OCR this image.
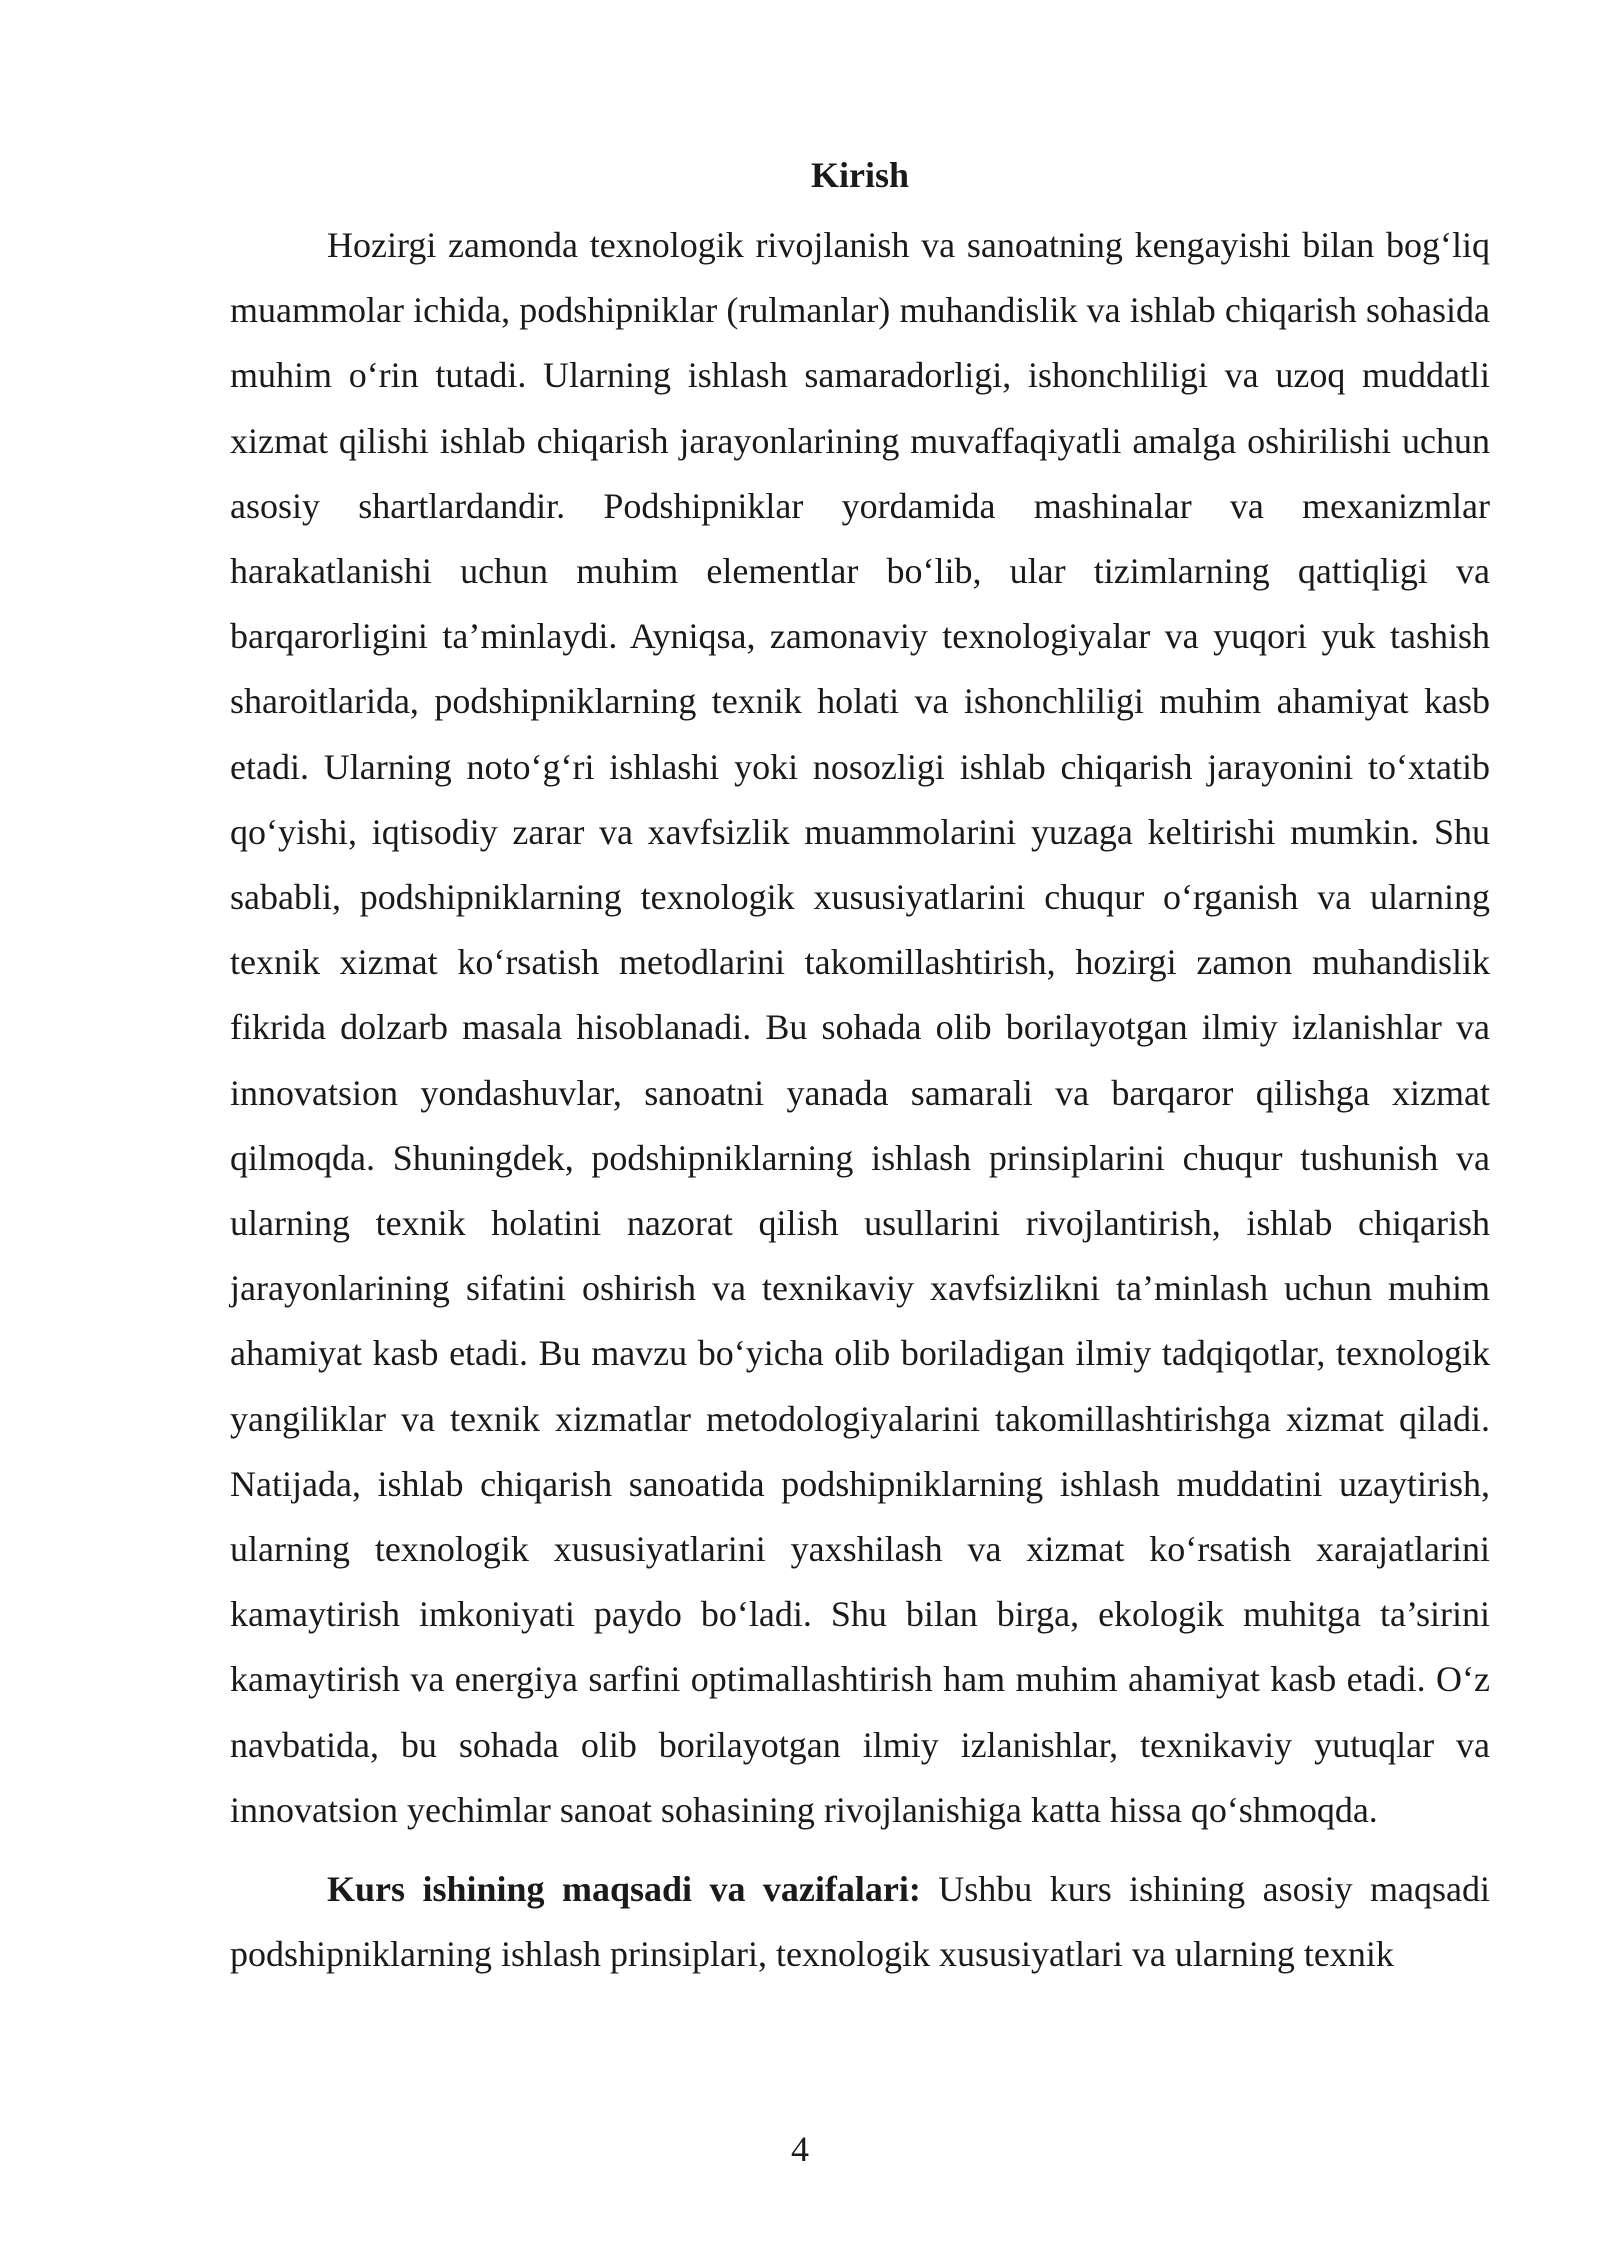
Kirish

Hozirgi zamonda texnologik rivojlanish va sanoatning kengayishi bilan bog‘liq muammolar ichida, podshipniklar (rulmanlar) muhandislik va ishlab chiqarish sohasida muhim o‘rin tutadi. Ularning ishlash samaradorligi, ishonchliligi va uzoq muddatli xizmat qilishi ishlab chiqarish jarayonlarining muvaffaqiyatli amalga oshirilishi uchun asosiy shartlardandir. Podshipniklar yordamida mashinalar va mexanizmlar harakatlanishi uchun muhim elementlar bo‘lib, ular tizimlarning qattiqligi va barqarorligini ta’minlaydi. Ayniqsa, zamonaviy texnologiyalar va yuqori yuk tashish sharoitlarida, podshipniklarning texnik holati va ishonchliligi muhim ahamiyat kasb etadi. Ularning noto‘g‘ri ishlashi yoki nosozligi ishlab chiqarish jarayonini to‘xtatib qo‘yishi, iqtisodiy zarar va xavfsizlik muammolarini yuzaga keltirishi mumkin. Shu sababli, podshipniklarning texnologik xususiyatlarini chuqur o‘rganish va ularning texnik xizmat ko‘rsatish metodlarini takomillashtirish, hozirgi zamon muhandislik fikrida dolzarb masala hisoblanadi. Bu sohada olib borilayotgan ilmiy izlanishlar va innovatsion yondashuvlar, sanoatni yanada samarali va barqaror qilishga xizmat qilmoqda. Shuningdek, podshipniklarning ishlash prinsiplarini chuqur tushunish va ularning texnik holatini nazorat qilish usullarini rivojlantirish, ishlab chiqarish jarayonlarining sifatini oshirish va texnikaviy xavfsizlikni ta’minlash uchun muhim ahamiyat kasb etadi. Bu mavzu bo‘yicha olib boriladigan ilmiy tadqiqotlar, texnologik yangiliklar va texnik xizmatlar metodologiyalarini takomillashtirishga xizmat qiladi. Natijada, ishlab chiqarish sanoatida podshipniklarning ishlash muddatini uzaytirish, ularning texnologik xususiyatlarini yaxshilash va xizmat ko‘rsatish xarajatlarini kamaytirish imkoniyati paydo bo‘ladi. Shu bilan birga, ekologik muhitga ta’sirini kamaytirish va energiya sarfini optimallashtirish ham muhim ahamiyat kasb etadi. O‘z navbatida, bu sohada olib borilayotgan ilmiy izlanishlar, texnikaviy yutuqlar va innovatsion yechimlar sanoat sohasining rivojlanishiga katta hissa qo‘shmoqda.

Kurs ishining maqsadi va vazifalari: Ushbu kurs ishining asosiy maqsadi podshipniklarning ishlash prinsiplari, texnologik xususiyatlari va ularning texnik

4
